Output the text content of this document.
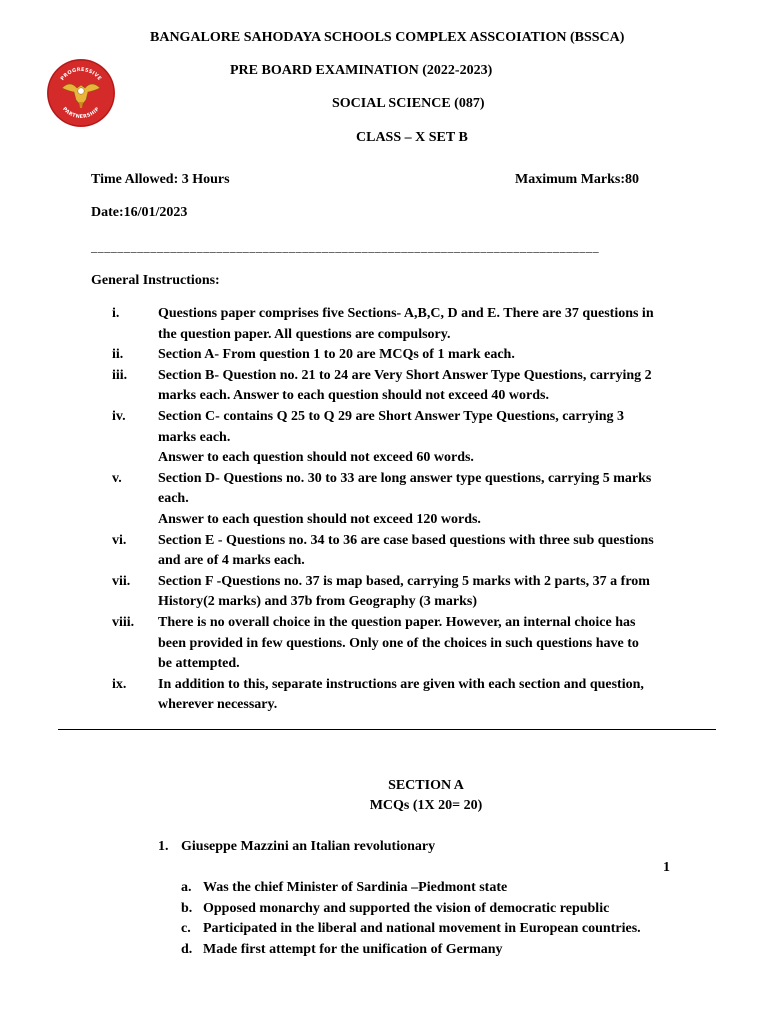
PROGRESSIVE
PARTNERSHIP
BANGALORE SAHODAYA SCHOOLS COMPLEX ASSCOIATION (BSSCA)
PRE BOARD EXAMINATION (2022-2023)
SOCIAL SCIENCE (087)
CLASS – X SET B
Time Allowed: 3 Hours	Maximum Marks:80
Date:16/01/2023
_____________________________________________________________________________
General Instructions:
i.	Questions paper comprises five Sections- A,B,C, D and E. There are 37 questions in
the question paper. All questions are compulsory.
ii.	Section A- From question 1 to 20 are MCQs of 1 mark each.
iii.	Section B- Question no. 21 to 24 are Very Short Answer Type Questions, carrying 2
marks each. Answer to each question should not exceed 40 words.
iv.	Section C- contains Q 25 to Q 29 are Short Answer Type Questions, carrying 3
marks each.
Answer to each question should not exceed 60 words.
v.	Section D- Questions no. 30 to 33 are long answer type questions, carrying 5 marks
each.
Answer to each question should not exceed 120 words.
vi.	Section E - Questions no. 34 to 36 are case based questions with three sub questions
and are of 4 marks each.
vii.	Section F -Questions no. 37 is map based, carrying 5 marks with 2 parts, 37 a from
History(2 marks) and 37b from Geography (3 marks)
viii.	There is no overall choice in the question paper. However, an internal choice has
been provided in few questions. Only one of the choices in such questions have to
be attempted.
ix.	In addition to this, separate instructions are given with each section and question,
wherever necessary.
SECTION A
MCQs (1X 20= 20)
1. Giuseppe Mazzini an Italian revolutionary
1
a. Was the chief Minister of Sardinia –Piedmont state
b. Opposed monarchy and supported the vision of democratic republic
c. Participated in the liberal and national movement in European countries.
d. Made first attempt for the unification of Germany
